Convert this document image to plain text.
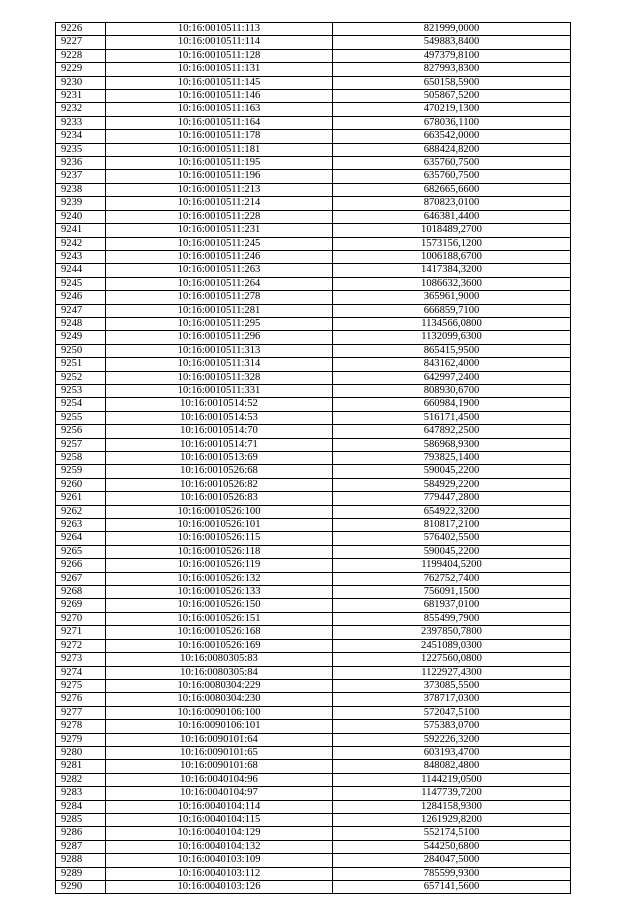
9226	10:16:0010511:113	821999,0000
9227	10:16:0010511:114	549883,8400
9228	10:16:0010511:128	497379,8100
9229	10:16:0010511:131	827993,8300
9230	10:16:0010511:145	650158,5900
9231	10:16:0010511:146	505867,5200
9232	10:16:0010511:163	470219,1300
9233	10:16:0010511:164	678036,1100
9234	10:16:0010511:178	663542,0000
9235	10:16:0010511:181	688424,8200
9236	10:16:0010511:195	635760,7500
9237	10:16:0010511:196	635760,7500
9238	10:16:0010511:213	682665,6600
9239	10:16:0010511:214	870823,0100
9240	10:16:0010511:228	646381,4400
9241	10:16:0010511:231	1018489,2700
9242	10:16:0010511:245	1573156,1200
9243	10:16:0010511:246	1006188,6700
9244	10:16:0010511:263	1417384,3200
9245	10:16:0010511:264	1086632,3600
9246	10:16:0010511:278	365961,9000
9247	10:16:0010511:281	666859,7100
9248	10:16:0010511:295	1134566,0800
9249	10:16:0010511:296	1132099,6300
9250	10:16:0010511:313	865415,9500
9251	10:16:0010511:314	843162,4000
9252	10:16:0010511:328	642997,2400
9253	10:16:0010511:331	808930,6700
9254	10:16:0010514:52	660984,1900
9255	10:16:0010514:53	516171,4500
9256	10:16:0010514:70	647892,2500
9257	10:16:0010514:71	586968,9300
9258	10:16:0010513:69	793825,1400
9259	10:16:0010526:68	590045,2200
9260	10:16:0010526:82	584929,2200
9261	10:16:0010526:83	779447,2800
9262	10:16:0010526:100	654922,3200
9263	10:16:0010526:101	810817,2100
9264	10:16:0010526:115	576402,5500
9265	10:16:0010526:118	590045,2200
9266	10:16:0010526:119	1199404,5200
9267	10:16:0010526:132	762752,7400
9268	10:16:0010526:133	756091,1500
9269	10:16:0010526:150	681937,0100
9270	10:16:0010526:151	855499,7900
9271	10:16:0010526:168	2397850,7800
9272	10:16:0010526:169	2451089,0300
9273	10:16:0080305:83	1227560,0800
9274	10:16:0080305:84	1122927,4300
9275	10:16:0080304:229	373085,5500
9276	10:16:0080304:230	378717,0300
9277	10:16:0090106:100	572047,5100
9278	10:16:0090106:101	575383,0700
9279	10:16:0090101:64	592226,3200
9280	10:16:0090101:65	603193,4700
9281	10:16:0090101:68	848082,4800
9282	10:16:0040104:96	1144219,0500
9283	10:16:0040104:97	1147739,7200
9284	10:16:0040104:114	1284158,9300
9285	10:16:0040104:115	1261929,8200
9286	10:16:0040104:129	552174,5100
9287	10:16:0040104:132	544250,6800
9288	10:16:0040103:109	284047,5000
9289	10:16:0040103:112	785599,9300
9290	10:16:0040103:126	657141,5600
